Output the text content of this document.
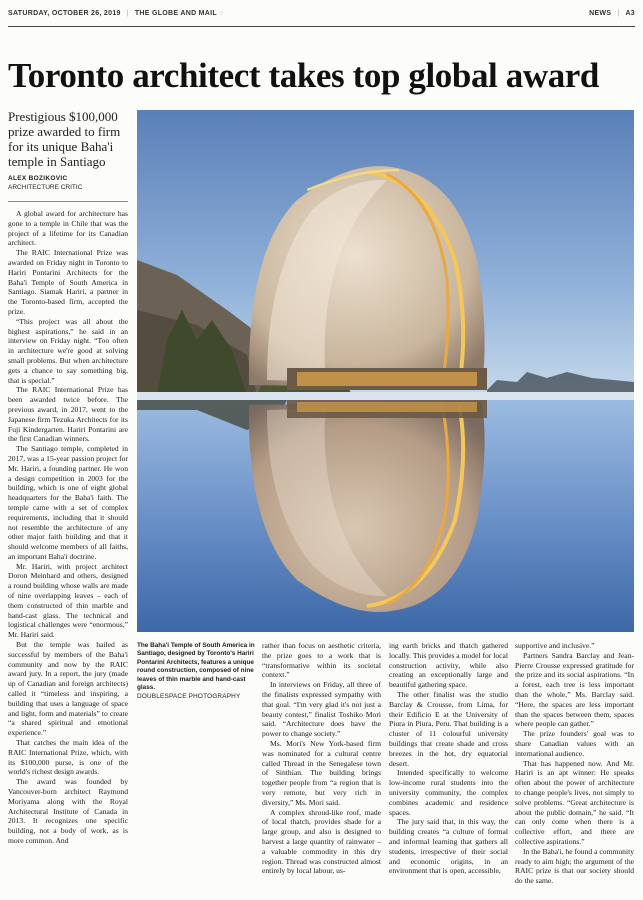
SATURDAY, OCTOBER 26, 2019 | THE GLOBE AND MAIL ○	NEWS | A3
Toronto architect takes top global award
Prestigious $100,000 prize awarded to firm for its unique Baha'i temple in Santiago
ALEX BOZIKOVIC
ARCHITECTURE CRITIC
The Baha'i Temple of South America in Santiago, designed by Toronto's Hariri Pontarini Architects, features a unique round construction, composed of nine leaves of thin marble and hand-cast glass.
DOUBLESPACE PHOTOGRAPHY

A global award for architecture has gone to a temple in Chile that was the project of a lifetime for its Canadian architect.

The RAIC International Prize was awarded on Friday night in Toronto to Hariri Pontarini Architects for the Baha'i Temple of South America in Santiago. Siamak Hariri, a partner in the Toronto-based firm, accepted the prize.

“This project was all about the highest aspirations,” he said in an interview on Friday night. “Too often in architecture we're good at solving small problems. But when architecture gets a chance to say something big, that is special.”

The RAIC International Prize has been awarded twice before. The previous award, in 2017, went to the Japanese firm Tezuka Architects for its Fuji Kindergarten. Hariri Pontarini are the first Canadian winners.

The Santiago temple, completed in 2017, was a 15-year passion project for Mr. Hariri, a founding partner. He won a design competition in 2003 for the building, which is one of eight global headquarters for the Baha'i faith. The temple came with a set of complex requirements, including that it should not resemble the architecture of any other major faith building and that it should welcome members of all faiths, an important Baha'i doctrine.

Mr. Hariri, with project architect Doron Meinhard and others, designed a round building whose walls are made of nine overlapping leaves – each of them constructed of thin marble and hand-cast glass. The technical and logistical challenges were “enormous,” Mr. Hariri said.

But the temple was hailed as successful by members of the Baha'i community and now by the RAIC award jury. In a report, the jury (made up of Canadian and foreign architects) called it “timeless and inspiring, a building that uses a language of space and light, form and materials” to create “a shared spiritual and emotional experience.”

That catches the main idea of the RAIC International Prize, which, with its $100,000 purse, is one of the world's richest design awards.

The award was founded by Vancouver-born architect Raymond Moriyama along with the Royal Architectural Institute of Canada in 2013. It recognizes one specific building, not a body of work, as is more common. And

rather than focus on aesthetic criteria, the prize goes to a work that is “transformative within its societal context.”

In interviews on Friday, all three of the finalists expressed sympathy with that goal. “I'm very glad it's not just a beauty contest,” finalist Toshiko Mori said. “Architecture does have the power to change society.”

Ms. Mori's New York-based firm was nominated for a cultural centre called Thread in the Senegalese town of Sinthian. The building brings together people from “a region that is very remote, but very rich in diversity,” Ms. Mori said.

A complex shroud-like roof, made of local thatch, provides shade for a large group, and also is designed to harvest a large quantity of rainwater – a valuable commodity in this dry region. Thread was constructed almost entirely by local labour, us-

ing earth bricks and thatch gathered locally. This provides a model for local construction activity, while also creating an exceptionally large and beautiful gathering space.

The other finalist was the studio Barclay & Crousse, from Lima, for their Edificio E at the University of Piura in Piura, Peru. That building is a cluster of 11 colourful university buildings that create shade and cross breezes in the hot, dry equatorial desert.

Intended specifically to welcome low-income rural students into the university community, the complex combines academic and residence spaces.

The jury said that, in this way, the building creates “a culture of formal and informal learning that gathers all students, irrespective of their social and economic origins, in an environment that is open, accessible,

supportive and inclusive.”

Partners Sandra Barclay and Jean-Pierre Crousse expressed gratitude for the prize and its social aspirations. “In a forest, each tree is less important than the whole,” Ms. Barclay said. “Here, the spaces are less important than the spaces between them, spaces where people can gather.”

The prize founders' goal was to share Canadian values with an international audience.

That has happened now. And Mr. Hariri is an apt winner: He speaks often about the power of architecture to change people's lives, not simply to solve problems. “Great architecture is about the public domain,” he said. “It can only come when there is a collective effort, and there are collective aspirations.”

In the Baha'i, he found a community ready to aim high; the argument of the RAIC prize is that our society should do the same.
